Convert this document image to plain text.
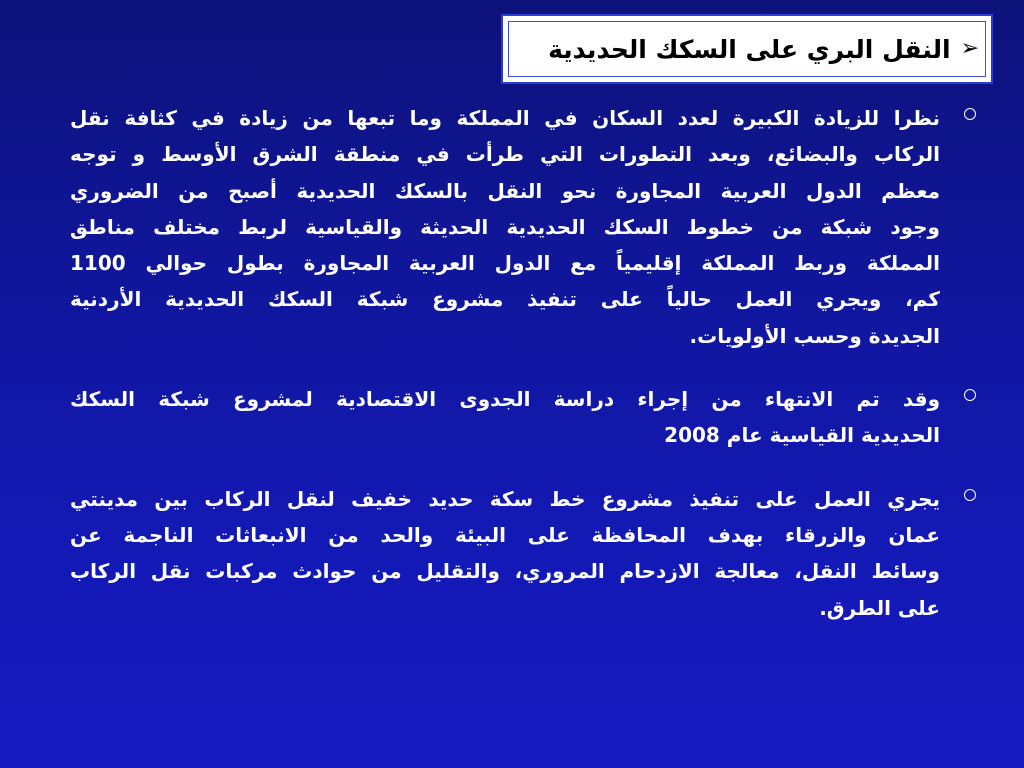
➢
النقل البري على السكك الحديدية
نظرا للزيادة الكبيرة لعدد السكان في المملكة وما تبعها من زيادة في كثافة نقل
الركاب والبضائع، وبعد التطورات التي طرأت في منطقة الشرق الأوسط و توجه
معظم الدول العربية المجاورة نحو النقل بالسكك الحديدية أصبح من الضروري
وجود شبكة من خطوط السكك الحديدية الحديثة والقياسية لربط مختلف مناطق
المملكة وربط المملكة إقليمياً مع الدول العربية المجاورة بطول حوالي 1100
كم، ويجري العمل حالياً على تنفيذ مشروع شبكة السكك الحديدية الأردنية
الجديدة وحسب الأولويات.
وقد تم الانتهاء من إجراء دراسة الجدوى الاقتصادية لمشروع شبكة السكك
الحديدية القياسية عام 2008
يجري العمل على تنفيذ مشروع خط سكة حديد خفيف لنقل الركاب بين مدينتي
عمان والزرقاء بهدف المحافظة على البيئة والحد من الانبعاثات الناجمة عن
وسائط النقل، معالجة الازدحام المروري، والتقليل من حوادث مركبات نقل الركاب
على الطرق.
